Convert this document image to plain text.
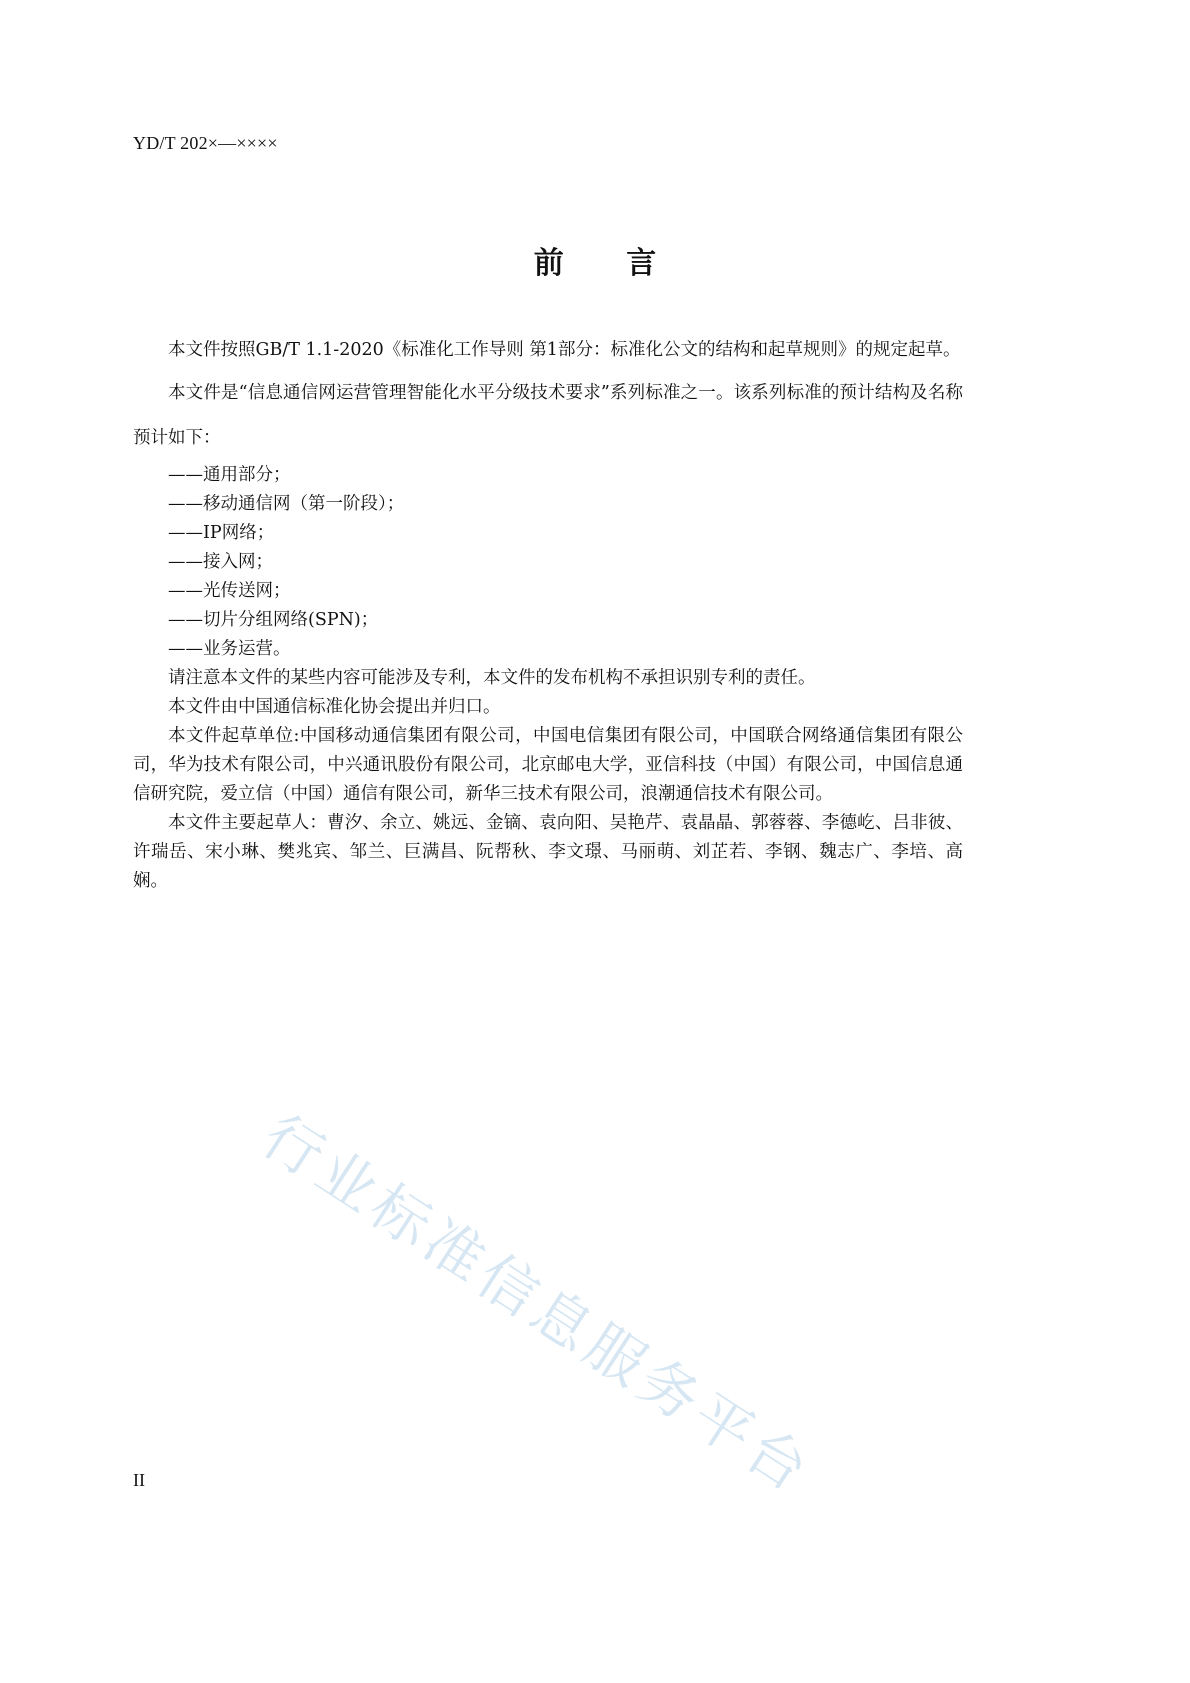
YD/T 202×—××××
前 言

本文件按照GB/T 1.1-2020《标准化工作导则 第1部分：标准化公文的结构和起草规则》的规定起草。

本文件是“信息通信网运营管理智能化水平分级技术要求”系列标准之一。该系列标准的预计结构及名称预计如下：

——通用部分；
——移动通信网（第一阶段）；
——IP网络；
——接入网；
——光传送网；
——切片分组网络(SPN)；
——业务运营。

请注意本文件的某些内容可能涉及专利，本文件的发布机构不承担识别专利的责任。

本文件由中国通信标准化协会提出并归口。

本文件起草单位:中国移动通信集团有限公司，中国电信集团有限公司，中国联合网络通信集团有限公司，华为技术有限公司，中兴通讯股份有限公司，北京邮电大学，亚信科技（中国）有限公司，中国信息通信研究院，爱立信（中国）通信有限公司，新华三技术有限公司，浪潮通信技术有限公司。

本文件主要起草人：曹汐、余立、姚远、金镝、袁向阳、吴艳芹、袁晶晶、郭蓉蓉、李德屹、吕非彼、许瑞岳、宋小琳、樊兆宾、邹兰、巨满昌、阮帮秋、李文璟、马丽萌、刘芷若、李钢、魏志广、李培、高娴。

行业标准信息服务平台
II
